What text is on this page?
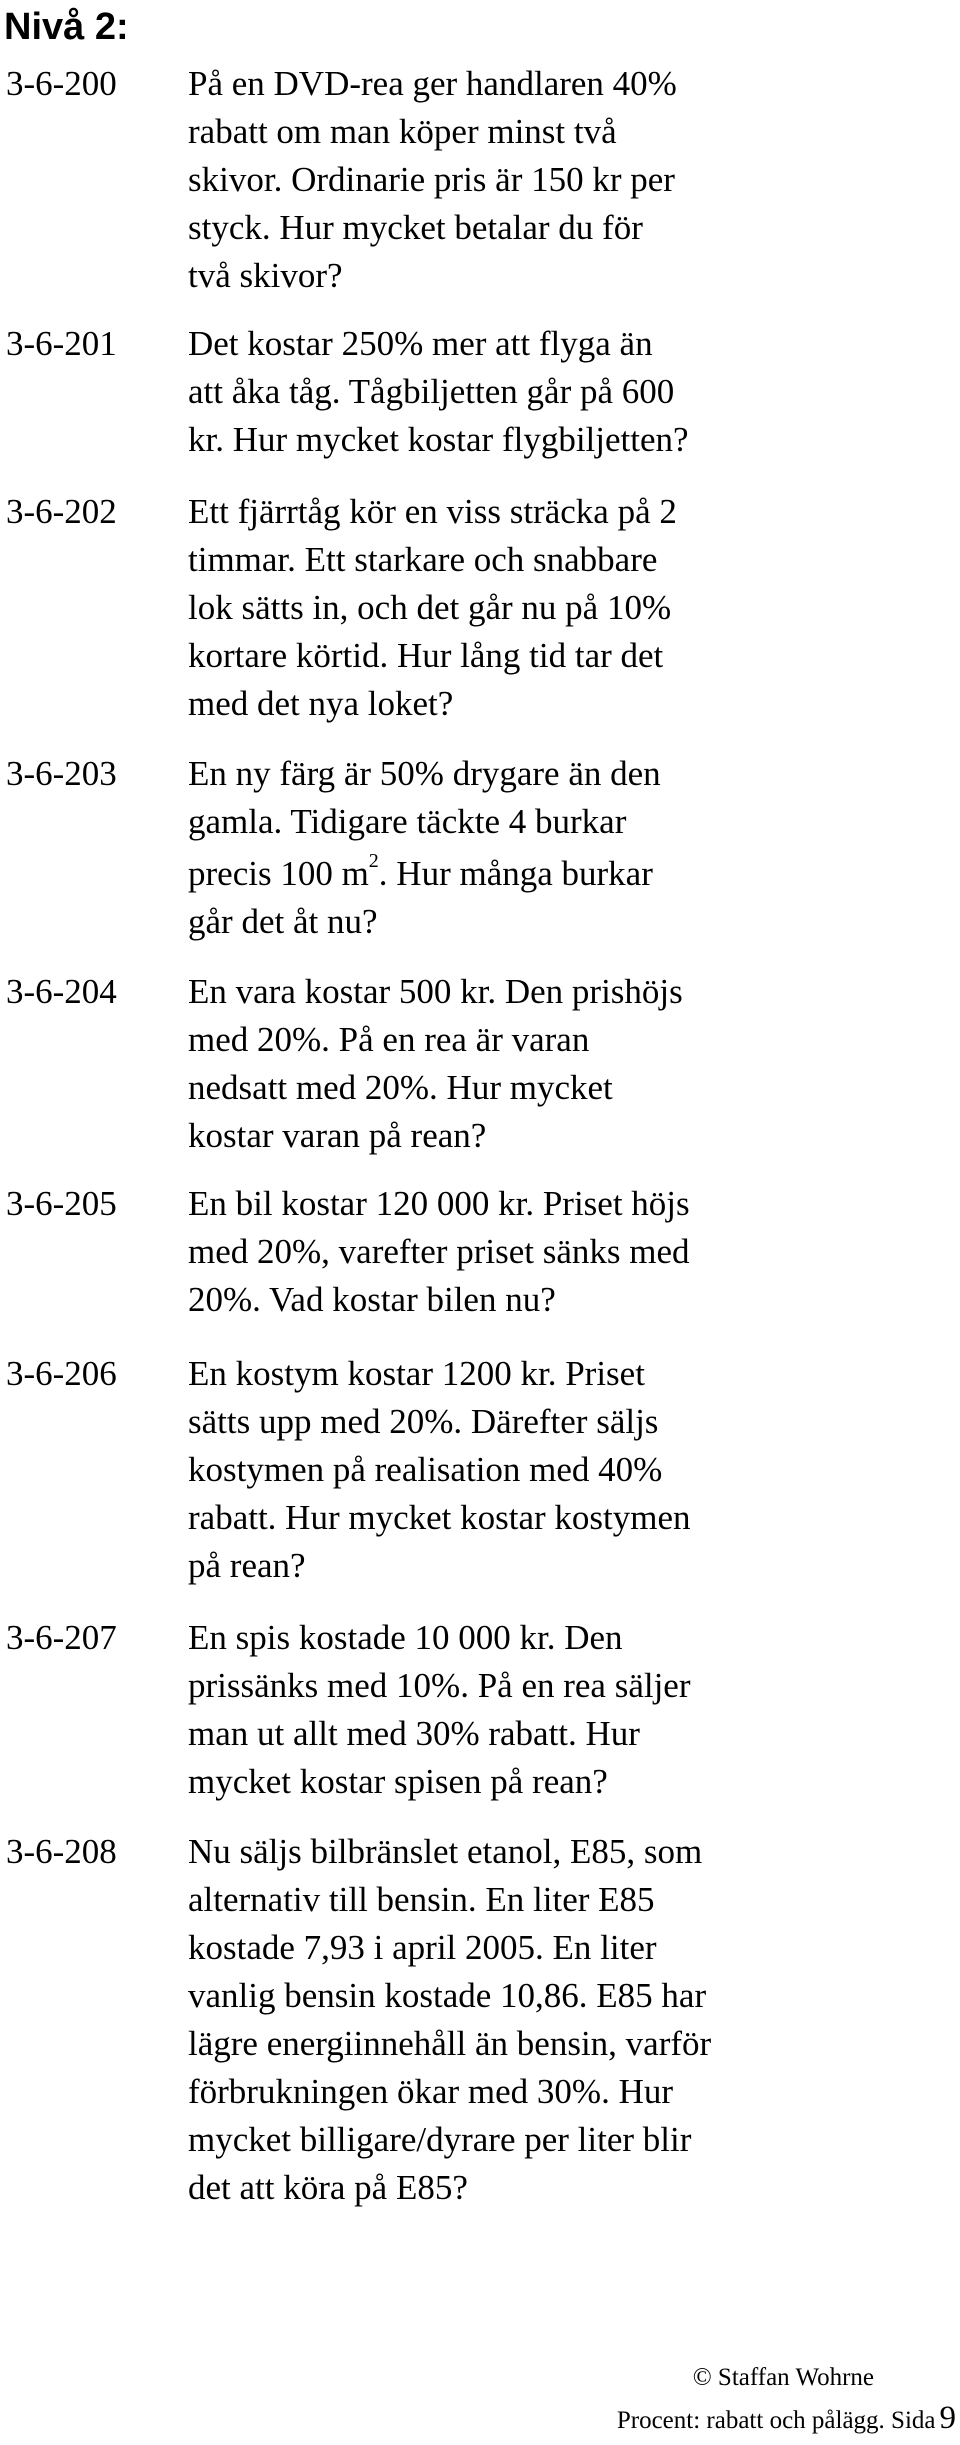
Nivå 2:
3-6-200 På en DVD-rea ger handlaren 40%
rabatt om man köper minst två
skivor. Ordinarie pris är 150 kr per
styck. Hur mycket betalar du för
två skivor?
3-6-201 Det kostar 250% mer att flyga än
att åka tåg. Tågbiljetten går på 600
kr. Hur mycket kostar flygbiljetten?
3-6-202 Ett fjärrtåg kör en viss sträcka på 2
timmar. Ett starkare och snabbare
lok sätts in, och det går nu på 10%
kortare körtid. Hur lång tid tar det
med det nya loket?
3-6-203 En ny färg är 50% drygare än den
gamla. Tidigare täckte 4 burkar
precis 100 $m^2$. Hur många burkar
går det åt nu?
3-6-204 En vara kostar 500 kr. Den prishöjs
med 20%. På en rea är varan
nedsatt med 20%. Hur mycket
kostar varan på rean?
3-6-205 En bil kostar 120 000 kr. Priset höjs
med 20%, varefter priset sänks med
20%. Vad kostar bilen nu?
3-6-206 En kostym kostar 1200 kr. Priset
sätts upp med 20%. Därefter säljs
kostymen på realisation med 40%
rabatt. Hur mycket kostar kostymen
på rean?
3-6-207 En spis kostade 10 000 kr. Den
prissänks med 10%. På en rea säljer
man ut allt med 30% rabatt. Hur
mycket kostar spisen på rean?
3-6-208 Nu säljs bilbränslet etanol, E85, som
alternativ till bensin. En liter E85
kostade 7,93 i april 2005. En liter
vanlig bensin kostade 10,86. E85 har
lägre energiinnehåll än bensin, varför
förbrukningen ökar med 30%. Hur
mycket billigare/dyrare per liter blir
det att köra på E85?
© Staffan Wohrne
Procent: rabatt och pålägg. Sida 9
